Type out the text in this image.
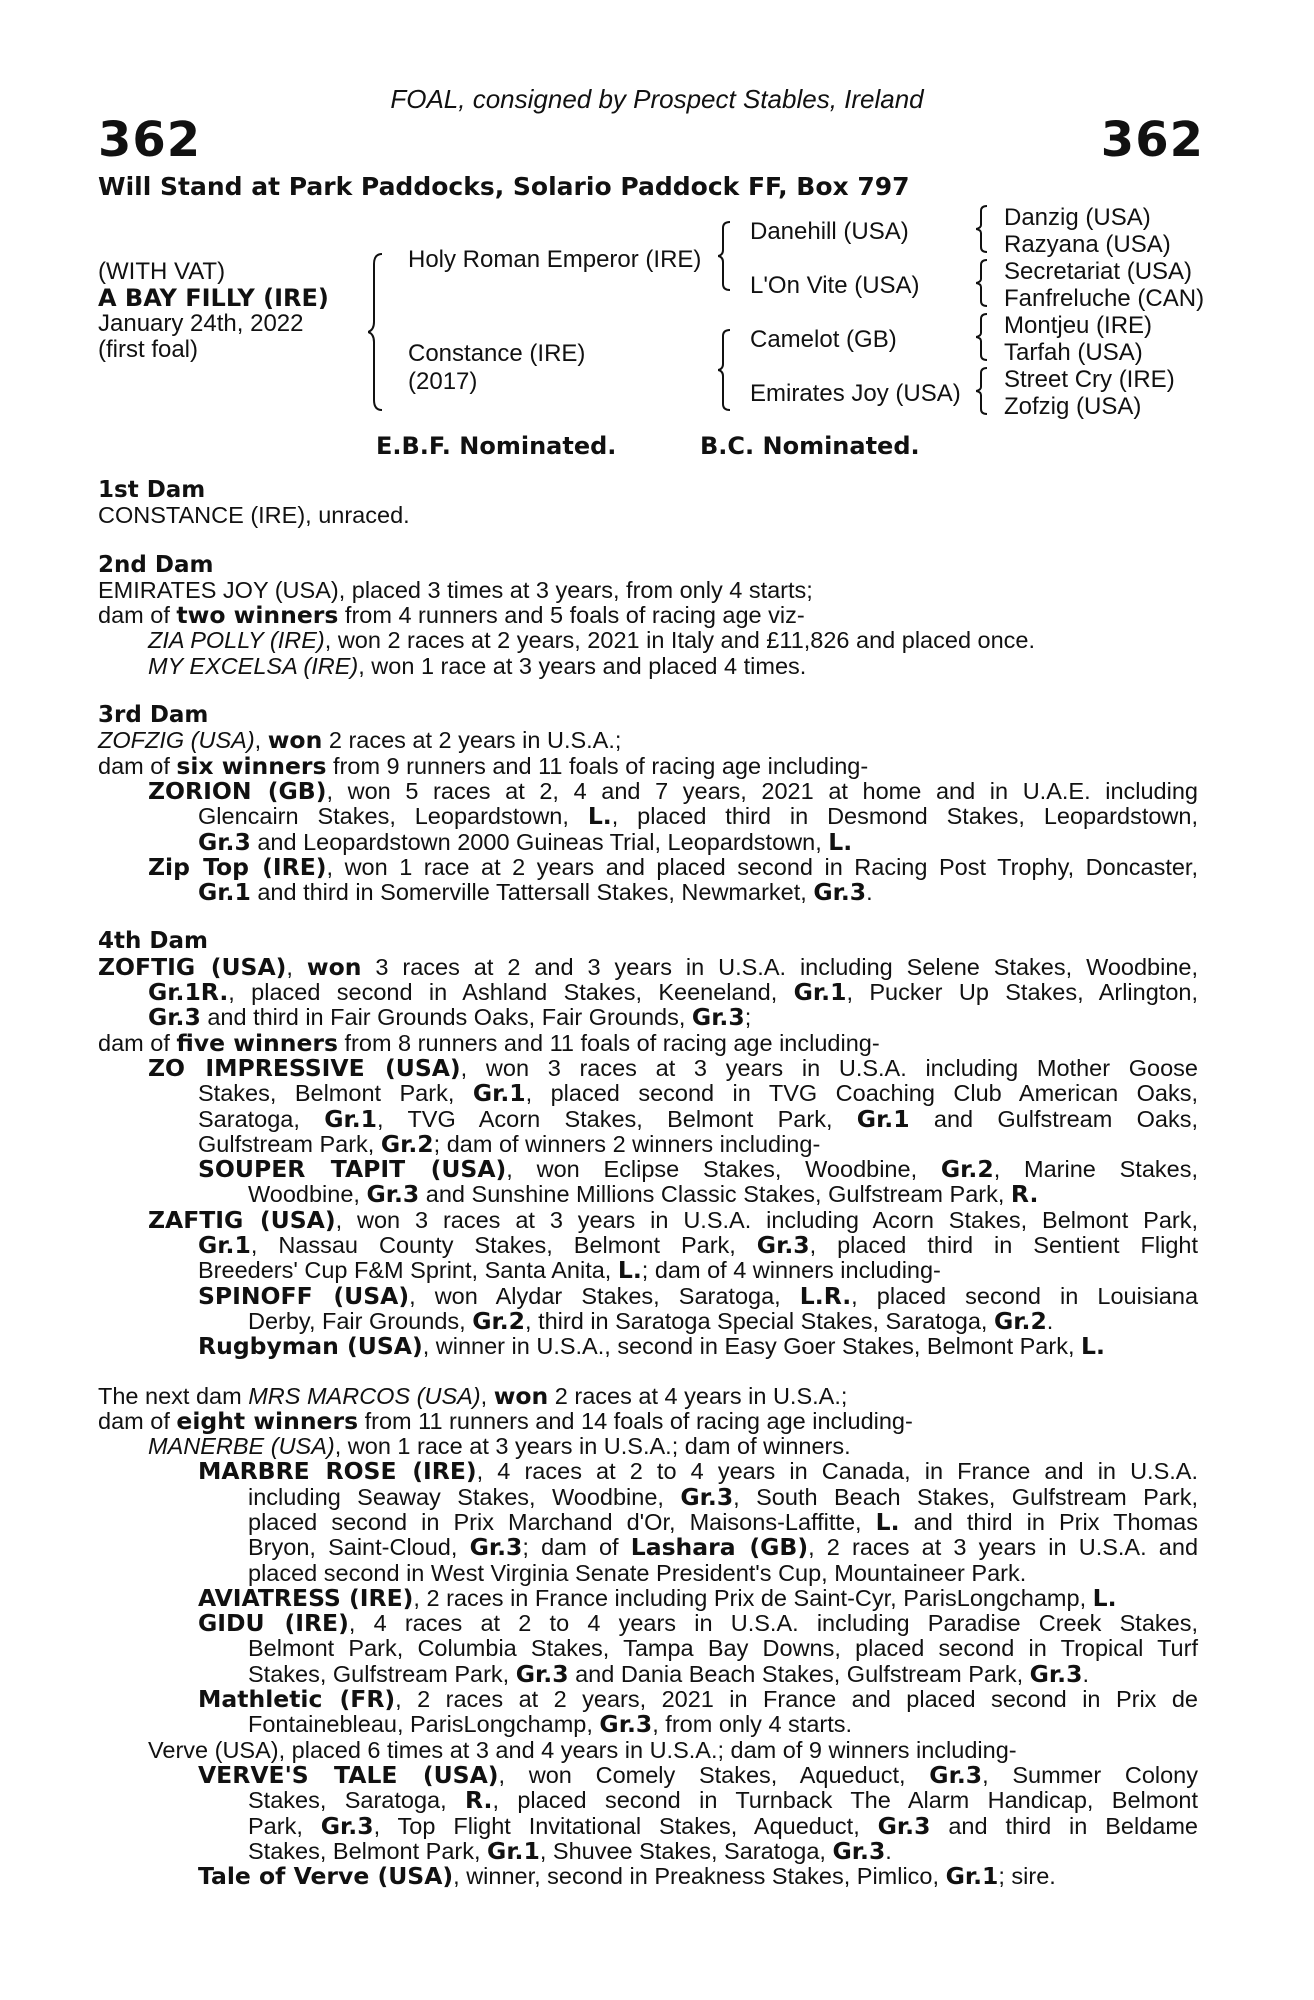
FOAL, consigned by Prospect Stables, Ireland
362	362
Will Stand at Park Paddocks, Solario Paddock FF, Box 797
(WITH VAT)
A BAY FILLY (IRE)
January 24th, 2022
(first foal)
Holy Roman Emperor (IRE)
Constance (IRE)
(2017)
Danehill (USA)
L'On Vite (USA)
Camelot (GB)
Emirates Joy (USA)
Danzig (USA)
Razyana (USA)
Secretariat (USA)
Fanfreluche (CAN)
Montjeu (IRE)
Tarfah (USA)
Street Cry (IRE)
Zofzig (USA)
E.B.F. Nominated.	B.C. Nominated.
1st Dam
CONSTANCE (IRE), unraced.
2nd Dam
EMIRATES JOY (USA), placed 3 times at 3 years, from only 4 starts;
dam of two winners from 4 runners and 5 foals of racing age viz-
ZIA POLLY (IRE), won 2 races at 2 years, 2021 in Italy and £11,826 and placed once.
MY EXCELSA (IRE), won 1 race at 3 years and placed 4 times.
3rd Dam
ZOFZIG (USA), won 2 races at 2 years in U.S.A.;
dam of six winners from 9 runners and 11 foals of racing age including-
ZORION (GB), won 5 races at 2, 4 and 7 years, 2021 at home and in U.A.E. including
Glencairn Stakes, Leopardstown, L., placed third in Desmond Stakes, Leopardstown,
Gr.3 and Leopardstown 2000 Guineas Trial, Leopardstown, L.
Zip Top (IRE), won 1 race at 2 years and placed second in Racing Post Trophy, Doncaster,
Gr.1 and third in Somerville Tattersall Stakes, Newmarket, Gr.3.
4th Dam
ZOFTIG (USA), won 3 races at 2 and 3 years in U.S.A. including Selene Stakes, Woodbine,
Gr.1R., placed second in Ashland Stakes, Keeneland, Gr.1, Pucker Up Stakes, Arlington,
Gr.3 and third in Fair Grounds Oaks, Fair Grounds, Gr.3;
dam of five winners from 8 runners and 11 foals of racing age including-
ZO IMPRESSIVE (USA), won 3 races at 3 years in U.S.A. including Mother Goose
Stakes, Belmont Park, Gr.1, placed second in TVG Coaching Club American Oaks,
Saratoga, Gr.1, TVG Acorn Stakes, Belmont Park, Gr.1 and Gulfstream Oaks,
Gulfstream Park, Gr.2; dam of winners 2 winners including-
SOUPER TAPIT (USA), won Eclipse Stakes, Woodbine, Gr.2, Marine Stakes,
Woodbine, Gr.3 and Sunshine Millions Classic Stakes, Gulfstream Park, R.
ZAFTIG (USA), won 3 races at 3 years in U.S.A. including Acorn Stakes, Belmont Park,
Gr.1, Nassau County Stakes, Belmont Park, Gr.3, placed third in Sentient Flight
Breeders' Cup F&M Sprint, Santa Anita, L.; dam of 4 winners including-
SPINOFF (USA), won Alydar Stakes, Saratoga, L.R., placed second in Louisiana
Derby, Fair Grounds, Gr.2, third in Saratoga Special Stakes, Saratoga, Gr.2.
Rugbyman (USA), winner in U.S.A., second in Easy Goer Stakes, Belmont Park, L.
The next dam MRS MARCOS (USA), won 2 races at 4 years in U.S.A.;
dam of eight winners from 11 runners and 14 foals of racing age including-
MANERBE (USA), won 1 race at 3 years in U.S.A.; dam of winners.
MARBRE ROSE (IRE), 4 races at 2 to 4 years in Canada, in France and in U.S.A.
including Seaway Stakes, Woodbine, Gr.3, South Beach Stakes, Gulfstream Park,
placed second in Prix Marchand d'Or, Maisons-Laffitte, L. and third in Prix Thomas
Bryon, Saint-Cloud, Gr.3; dam of Lashara (GB), 2 races at 3 years in U.S.A. and
placed second in West Virginia Senate President's Cup, Mountaineer Park.
AVIATRESS (IRE), 2 races in France including Prix de Saint-Cyr, ParisLongchamp, L.
GIDU (IRE), 4 races at 2 to 4 years in U.S.A. including Paradise Creek Stakes,
Belmont Park, Columbia Stakes, Tampa Bay Downs, placed second in Tropical Turf
Stakes, Gulfstream Park, Gr.3 and Dania Beach Stakes, Gulfstream Park, Gr.3.
Mathletic (FR), 2 races at 2 years, 2021 in France and placed second in Prix de
Fontainebleau, ParisLongchamp, Gr.3, from only 4 starts.
Verve (USA), placed 6 times at 3 and 4 years in U.S.A.; dam of 9 winners including-
VERVE'S TALE (USA), won Comely Stakes, Aqueduct, Gr.3, Summer Colony
Stakes, Saratoga, R., placed second in Turnback The Alarm Handicap, Belmont
Park, Gr.3, Top Flight Invitational Stakes, Aqueduct, Gr.3 and third in Beldame
Stakes, Belmont Park, Gr.1, Shuvee Stakes, Saratoga, Gr.3.
Tale of Verve (USA), winner, second in Preakness Stakes, Pimlico, Gr.1; sire.
